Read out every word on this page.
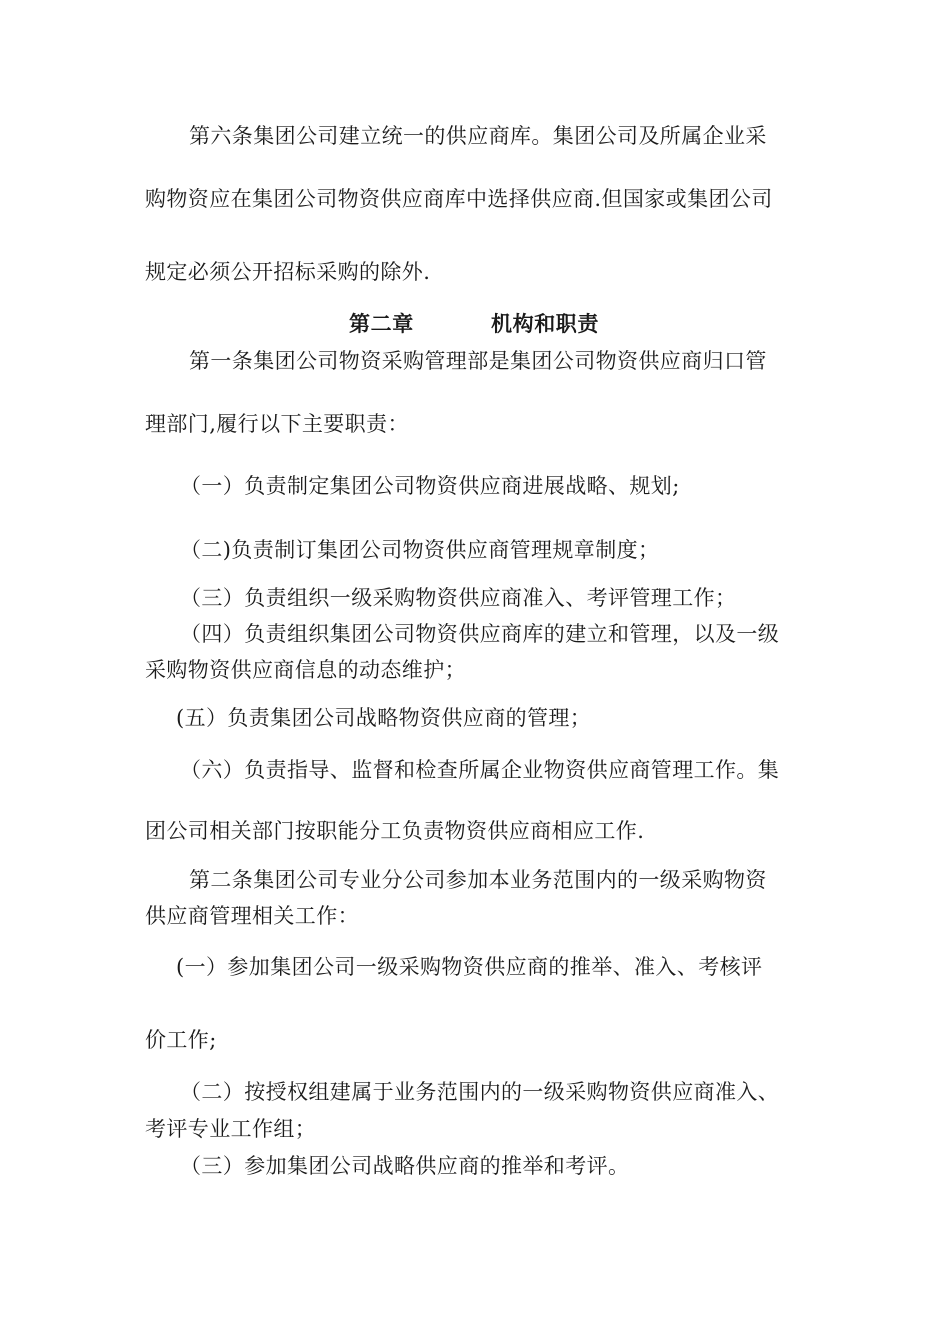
第六条集团公司建立统一的供应商库。集团公司及所属企业采
购物资应在集团公司物资供应商库中选择供应商.但国家或集团公司
规定必须公开招标采购的除外.
第二章	机构和职责
第一条集团公司物资采购管理部是集团公司物资供应商归口管
理部门,履行以下主要职责：
（一）负责制定集团公司物资供应商进展战略、规划;
（二)负责制订集团公司物资供应商管理规章制度；
（三）负责组织一级采购物资供应商准入、考评管理工作；
（四）负责组织集团公司物资供应商库的建立和管理，以及一级
采购物资供应商信息的动态维护；
(五）负责集团公司战略物资供应商的管理；
（六）负责指导、监督和检查所属企业物资供应商管理工作。集
团公司相关部门按职能分工负责物资供应商相应工作.
第二条集团公司专业分公司参加本业务范围内的一级采购物资
供应商管理相关工作：
(一）参加集团公司一级采购物资供应商的推举、准入、考核评
价工作;
（二）按授权组建属于业务范围内的一级采购物资供应商准入、
考评专业工作组；
（三）参加集团公司战略供应商的推举和考评。
